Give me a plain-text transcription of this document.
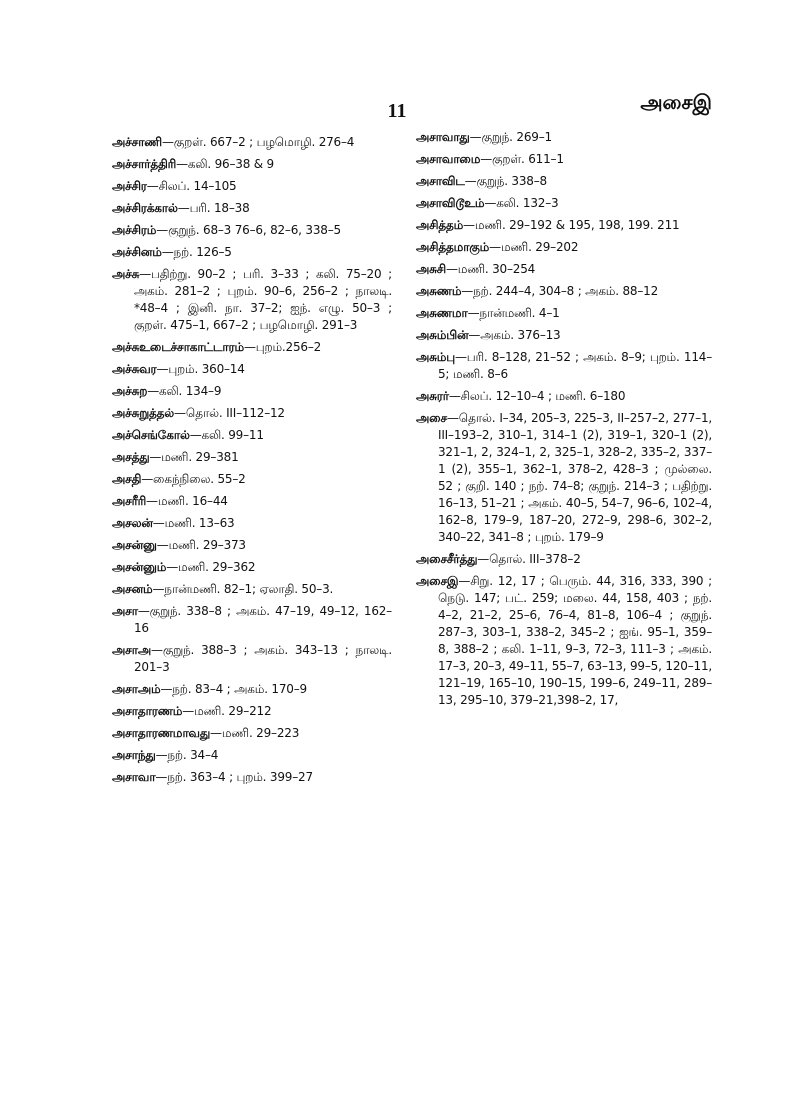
11	அசைஇ
அச்சாணி—குறள். 667–2 ; பழமொழி. 276–4
அச்சார்த்திரி—கலி. 96–38 & 9
அச்சிர—சிலப். 14–105
அச்சிரக்கால்—பரி. 18–38
அச்சிரம்—குறுந். 68–3 76–6, 82–6, 338–5
அச்சினம்—நற். 126–5
அச்சு—பதிற்று. 90–2 ; பரி. 3–33 ; கலி. 75–20 ; அகம். 281–2 ; புறம். 90–6, 256–2 ; நாலடி. *48–4 ; இனி. நா. 37–2; ஐந். எழு. 50–3 ; குறள். 475–1, 667–2 ; பழமொழி. 291–3
அச்சுஉடைச்சாகாட்டாரம்—புறம்.256–2
அச்சுவர—புறம். 360–14
அச்சுற—கலி. 134–9
அச்சுறுத்தல்—தொல். III–112–12
அச்செங்கோல்—கலி. 99–11
அசத்து—மணி. 29–381
அசதி—கைந்நிலை. 55–2
அசரீரி—மணி. 16–44
அசலன்—மணி. 13–63
அசன்னு—மணி. 29–373
அசன்னும்—மணி. 29–362
அசனம்—நான்மணி. 82–1; ஏலாதி. 50–3.
அசா—குறுந். 338–8 ; அகம். 47–19, 49–12, 162–16
அசாஅ—குறுந். 388–3 ; அகம். 343–13 ; நாலடி. 201–3
அசாஅம்—நற். 83–4 ; அகம். 170–9
அசாதாரணம்—மணி. 29–212
அசாதாரணமாவது—மணி. 29–223
அசாந்து—நற். 34–4
அசாவா—நற். 363–4 ; புறம். 399–27
அசாவாது—குறுந். 269–1
அசாவாமை—குறள். 611–1
அசாவிட—குறுந். 338–8
அசாவிடூஉம்—கலி. 132–3
அசித்தம்—மணி. 29–192 & 195, 198, 199. 211
அசித்தமாகும்—மணி. 29–202
அசுசி—மணி. 30–254
அசுணம்—நற். 244–4, 304–8 ; அகம். 88–12
அசுணமா—நான்மணி. 4–1
அசும்பின்—அகம். 376–13
அசும்பு—பரி. 8–128, 21–52 ; அகம். 8–9; புறம். 114–5; மணி. 8–6
அசுரர்—சிலப். 12–10–4 ; மணி. 6–180
அசை—தொல். I–34, 205–3, 225–3, II–257–2, 277–1, III–193–2, 310–1, 314–1 (2), 319–1, 320–1 (2), 321–1, 2, 324–1, 2, 325–1, 328–2, 335–2, 337–1 (2), 355–1, 362–1, 378–2, 428–3 ; முல்லை. 52 ; குறி. 140 ; நற். 74–8; குறுந். 214–3 ; பதிற்று. 16–13, 51–21 ; அகம். 40–5, 54–7, 96–6, 102–4, 162–8, 179–9, 187–20, 272–9, 298–6, 302–2, 340–22, 341–8 ; புறம். 179–9
அசைசீர்த்து—தொல். III–378–2
அசைஇ—சிறு. 12, 17 ; பெரும். 44, 316, 333, 390 ; நெடு. 147; பட். 259; மலை. 44, 158, 403 ; நற். 4–2, 21–2, 25–6, 76–4, 81–8, 106–4 ; குறுந். 287–3, 303–1, 338–2, 345–2 ; ஐங். 95–1, 359–8, 388–2 ; கலி. 1–11, 9–3, 72–3, 111–3 ; அகம். 17–3, 20–3, 49–11, 55–7, 63–13, 99–5, 120–11, 121–19, 165–10, 190–15, 199–6, 249–11, 289–13, 295–10, 379–21,398–2, 17,
